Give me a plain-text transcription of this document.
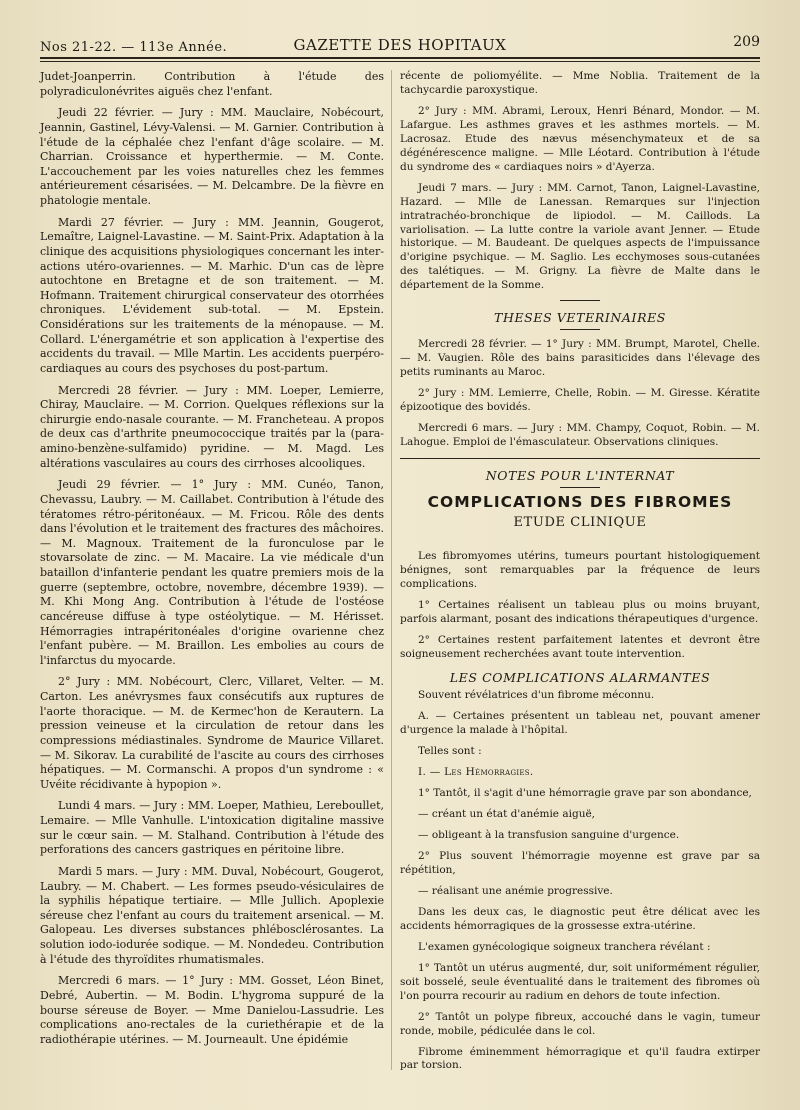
Nos 21-22. — 113e Année.	GAZETTE DES HOPITAUX	209

Judet-Joanperrin. Contribution à l'étude des polyradiculonévrites aiguës chez l'enfant.

Jeudi 22 février. — Jury : MM. Mauclaire, Nobécourt, Jeannin, Gastinel, Lévy-Valensi. — M. Garnier. Contribution à l'étude de la céphalée chez l'enfant d'âge scolaire. — M. Charrian. Croissance et hyperthermie. — M. Conte. L'accouchement par les voies naturelles chez les femmes antérieurement césarisées. — M. Delcambre. De la fièvre en phatologie mentale.

Mardi 27 février. — Jury : MM. Jeannin, Gougerot, Lemaître, Laignel-Lavastine. — M. Saint-Prix. Adaptation à la clinique des acquisitions physiologiques concernant les inter-actions utéro-ovariennes. — M. Marhic. D'un cas de lèpre autochtone en Bretagne et de son traitement. — M. Hofmann. Traitement chirurgical conservateur des otorrhées chroniques. L'évidement sub-total. — M. Epstein. Considérations sur les traitements de la ménopause. — M. Collard. L'énergamétrie et son application à l'expertise des accidents du travail. — Mlle Martin. Les accidents puerpéro-cardiaques au cours des psychoses du post-partum.

Mercredi 28 février. — Jury : MM. Loeper, Lemierre, Chiray, Mauclaire. — M. Corrion. Quelques réflexions sur la chirurgie endo-nasale courante. — M. Francheteau. A propos de deux cas d'arthrite pneumococcique traités par la (para-amino-benzène-sulfamido) pyridine. — M. Magd. Les altérations vasculaires au cours des cirrhoses alcooliques.

Jeudi 29 février. — 1° Jury : MM. Cunéo, Tanon, Chevassu, Laubry. — M. Caillabet. Contribution à l'étude des tératomes rétro-péritonéaux. — M. Fricou. Rôle des dents dans l'évolution et le traitement des fractures des mâchoires. — M. Magnoux. Traitement de la furonculose par le stovarsolate de zinc. — M. Macaire. La vie médicale d'un bataillon d'infanterie pendant les quatre premiers mois de la guerre (septembre, octobre, novembre, décembre 1939). — M. Khi Mong Ang. Contribution à l'étude de l'ostéose cancéreuse diffuse à type ostéolytique. — M. Hérisset. Hémorragies intrapéritonéales d'origine ovarienne chez l'enfant pubère. — M. Braillon. Les embolies au cours de l'infarctus du myocarde.

2° Jury : MM. Nobécourt, Clerc, Villaret, Velter. — M. Carton. Les anévrysmes faux consécutifs aux ruptures de l'aorte thoracique. — M. de Kermec'hon de Kerautern. La pression veineuse et la circulation de retour dans les compressions médiastinales. Syndrome de Maurice Villaret. — M. Sikorav. La curabilité de l'ascite au cours des cirrhoses hépatiques. — M. Cormanschi. A propos d'un syndrome : « Uvéite récidivante à hypopion ».

Lundi 4 mars. — Jury : MM. Loeper, Mathieu, Lereboullet, Lemaire. — Mlle Vanhulle. L'intoxication digitaline massive sur le cœur sain. — M. Stalhand. Contribution à l'étude des perforations des cancers gastriques en péritoine libre.

Mardi 5 mars. — Jury : MM. Duval, Nobécourt, Gougerot, Laubry. — M. Chabert. — Les formes pseudo-vésiculaires de la syphilis hépatique tertiaire. — Mlle Jullich. Apoplexie séreuse chez l'enfant au cours du traitement arsenical. — M. Galopeau. Les diverses substances phlébosclérosantes. La solution iodo-iodurée sodique. — M. Nondedeu. Contribution à l'étude des thyroïdites rhumatismales.

Mercredi 6 mars. — 1° Jury : MM. Gosset, Léon Binet, Debré, Aubertin. — M. Bodin. L'hygroma suppuré de la bourse séreuse de Boyer. — Mme Danielou-Lassudrie. Les complications ano-rectales de la curiethérapie et de la radiothérapie utérines. — M. Journeault. Une épidémie

récente de poliomyélite. — Mme Noblia. Traitement de la tachycardie paroxystique.

2° Jury : MM. Abrami, Leroux, Henri Bénard, Mondor. — M. Lafargue. Les asthmes graves et les asthmes mortels. — M. Lacrosaz. Etude des nævus mésenchymateux et de sa dégénérescence maligne. — Mlle Léotard. Contribution à l'étude du syndrome des « cardiaques noirs » d'Ayerza.

Jeudi 7 mars. — Jury : MM. Carnot, Tanon, Laignel-Lavastine, Hazard. — Mlle de Lanessan. Remarques sur l'injection intratrachéo-bronchique de lipiodol. — M. Caillods. La variolisation. — La lutte contre la variole avant Jenner. — Etude historique. — M. Baudeant. De quelques aspects de l'impuissance d'origine psychique. — M. Saglio. Les ecchymoses sous-cutanées des talétiques. — M. Grigny. La fièvre de Malte dans le département de la Somme.

THESES VETERINAIRES

Mercredi 28 février. — 1° Jury : MM. Brumpt, Marotel, Chelle. — M. Vaugien. Rôle des bains parasiticides dans l'élevage des petits ruminants au Maroc.

2° Jury : MM. Lemierre, Chelle, Robin. — M. Giresse. Kératite épizootique des bovidés.

Mercredi 6 mars. — Jury : MM. Champy, Coquot, Robin. — M. Lahogue. Emploi de l'émasculateur. Observations cliniques.

NOTES POUR L'INTERNAT
COMPLICATIONS DES FIBROMES
ETUDE CLINIQUE

Les fibromyomes utérins, tumeurs pourtant histologiquement bénignes, sont remarquables par la fréquence de leurs complications.

1° Certaines réalisent un tableau plus ou moins bruyant, parfois alarmant, posant des indications thérapeutiques d'urgence.

2° Certaines restent parfaitement latentes et devront être soigneusement recherchées avant toute intervention.

LES COMPLICATIONS ALARMANTES

Souvent révélatrices d'un fibrome méconnu.

A. — Certaines présentent un tableau net, pouvant amener d'urgence la malade à l'hôpital.

Telles sont :

I. — Les Hémorragies.

1° Tantôt, il s'agit d'une hémorragie grave par son abondance,

— créant un état d'anémie aiguë,

— obligeant à la transfusion sanguine d'urgence.

2° Plus souvent l'hémorragie moyenne est grave par sa répétition,

— réalisant une anémie progressive.

Dans les deux cas, le diagnostic peut être délicat avec les accidents hémorragiques de la grossesse extra-utérine.

L'examen gynécologique soigneux tranchera révélant :

1° Tantôt un utérus augmenté, dur, soit uniformément régulier, soit bosselé, seule éventualité dans le traitement des fibromes où l'on pourra recourir au radium en dehors de toute infection.

2° Tantôt un polype fibreux, accouché dans le vagin, tumeur ronde, mobile, pédiculée dans le col.

Fibrome éminemment hémorragique et qu'il faudra extirper par torsion.
